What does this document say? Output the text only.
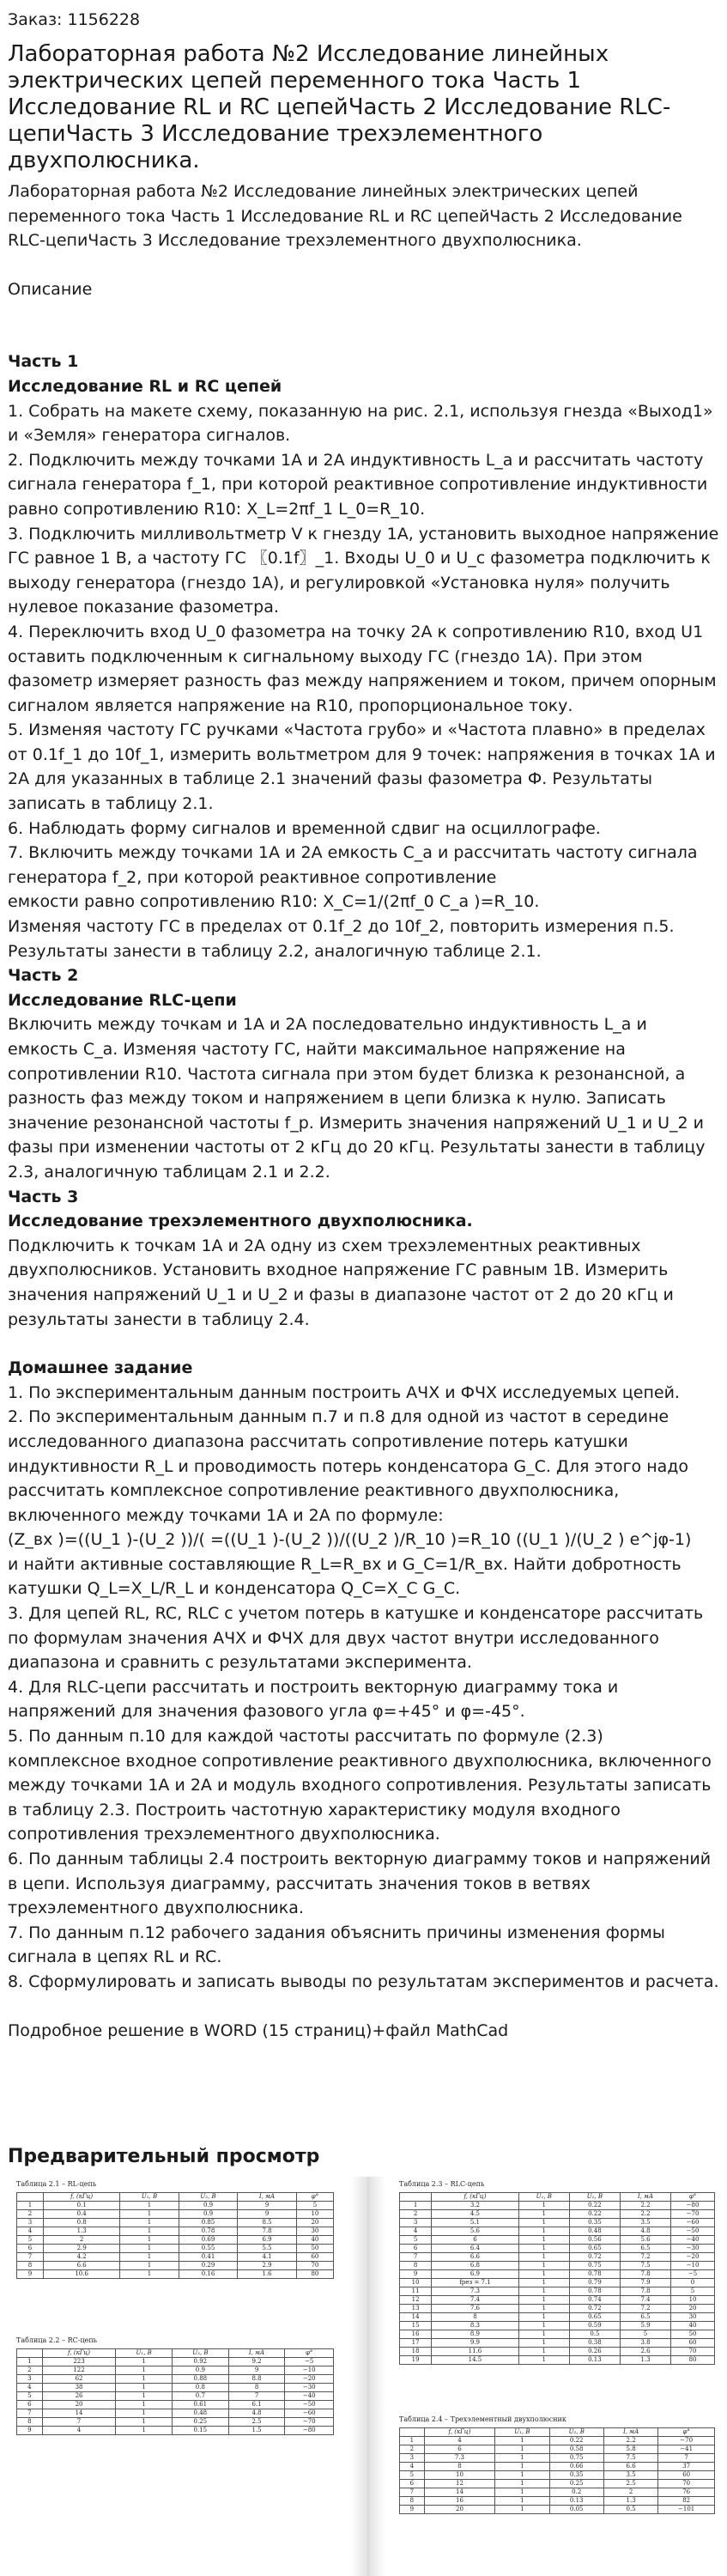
Заказ: 1156228
Лабораторная работа №2 Исследование линейных электрических цепей переменного тока Часть 1 Исследование RL и RC цепейЧасть 2 Исследование RLC-цепиЧасть 3 Исследование трехэлементного двухполюсника.

Лабораторная работа №2 Исследование линейных электрических цепей переменного тока Часть 1 Исследование RL и RC цепейЧасть 2 Исследование RLC-цепиЧасть 3 Исследование трехэлементного двухполюсника.

Описание

Часть 1

Исследование RL и RC цепей

1. Собрать на макете схему, показанную на рис. 2.1, используя гнезда «Выход1» и «Земля» генератора сигналов.
2. Подключить между точками 1А и 2А индуктивность L_а и рассчитать частоту сигнала генератора f_1, при которой реактивное сопротивление индуктивности равно сопротивлению R10: X_L=2πf_1 L_0=R_10.
3. Подключить милливольтметр V к гнезду 1А, установить выходное напряжение ГС равное 1 В, а частоту ГС 〖0.1f〗_1. Входы U_0 и U_c фазометра подключить к выходу генератора (гнездо 1А), и регулировкой «Установка нуля» получить нулевое показание фазометра.
4. Переключить вход U_0 фазометра на точку 2А к сопротивлению R10, вход U1 оставить подключенным к сигнальному выходу ГС (гнездо 1А). При этом фазометр измеряет разность фаз между напряжением и током, причем опорным сигналом является напряжение на R10, пропорциональное току.
5. Изменяя частоту ГС ручками «Частота грубо» и «Частота плавно» в пределах от 0.1f_1 до 10f_1, измерить вольтметром для 9 точек: напряжения в точках 1А и 2А для указанных в таблице 2.1 значений фазы фазометра Ф. Результаты записать в таблицу 2.1.
6. Наблюдать форму сигналов и временной сдвиг на осциллографе.
7. Включить между точками 1А и 2А емкость C_а и рассчитать частоту сигнала генератора f_2, при которой реактивное сопротивление
емкости равно сопротивлению R10: X_C=1/(2πf_0 C_а )=R_10.
Изменяя частоту ГС в пределах от 0.1f_2 до 10f_2, повторить измерения п.5. Результаты занести в таблицу 2.2, аналогичную таблице 2.1.

Часть 2

Исследование RLC-цепи

Включить между точкам и 1А и 2А последовательно индуктивность L_а и емкость C_а. Изменяя частоту ГС, найти максимальное напряжение на сопротивлении R10. Частота сигнала при этом будет близка к резонансной, а разность фаз между током и напряжением в цепи близка к нулю. Записать значение резонансной частоты f_р. Измерить значения напряжений U_1 и U_2 и фазы при изменении частоты от 2 кГц до 20 кГц. Результаты занести в таблицу 2.3, аналогичную таблицам 2.1 и 2.2.

Часть 3

Исследование трехэлементного двухполюсника.

Подключить к точкам 1А и 2А одну из схем трехэлементных реактивных двухполюсников. Установить входное напряжение ГС равным 1В. Измерить значения напряжений U_1 и U_2 и фазы в диапазоне частот от 2 до 20 кГц и результаты занести в таблицу 2.4.

Домашнее задание

1. По экспериментальным данным построить АЧХ и ФЧХ исследуемых цепей.
2. По экспериментальным данным п.7 и п.8 для одной из частот в середине исследованного диапазона рассчитать сопротивление потерь катушки индуктивности R_L и проводимость потерь конденсатора G_C. Для этого надо рассчитать комплексное сопротивление реактивного двухполюсника, включенного между точками 1А и 2А по формуле:
(Z_вх )̇=((U_1 )̇-(U_2 )̇)/( =((U_1 )̇-(U_2 )̇)/((U_2 )̇/R_10 )=R_10 ((U_1 )̇/(U_2 )̇ e^jφ-1)
и найти активные составляющие R_L=R_вх и G_C=1/R_вх. Найти добротность катушки Q_L=X_L/R_L и конденсатора Q_C=X_C G_C.
3. Для цепей RL, RC, RLC с учетом потерь в катушке и конденсаторе рассчитать по формулам значения АЧХ и ФЧХ для двух частот внутри исследованного диапазона и сравнить с результатами эксперимента.
4. Для RLC-цепи рассчитать и построить векторную диаграмму тока и напряжений для значения фазового угла φ=+45° и φ=-45°.
5. По данным п.10 для каждой частоты рассчитать по формуле (2.3) комплексное входное сопротивление реактивного двухполюсника, включенного между точками 1А и 2А и модуль входного сопротивления. Результаты записать в таблицу 2.3. Построить частотную характеристику модуля входного сопротивления трехэлементного двухполюсника.
6. По данным таблицы 2.4 построить векторную диаграмму токов и напряжений в цепи. Используя диаграмму, рассчитать значения токов в ветвях трехэлементного двухполюсника.
7. По данным п.12 рабочего задания объяснить причины изменения формы сигнала в цепях RL и RC.
8. Сформулировать и записать выводы по результатам экспериментов и расчета.

Подробное решение в WORD (15 страниц)+файл MathCad

Предварительный просмотр
Таблица 2.1 – RL-цепь
	f, (кГц)	U₁, В	U₂, В	I, мА	φ°
1	0.1	1	0.9	9	5
2	0.4	1	0.9	9	10
3	0.8	1	0.85	8.5	20
4	1.3	1	0.78	7.8	30
5	2	1	0.69	6.9	40
6	2.9	1	0.55	5.5	50
7	4.2	1	0.41	4.1	60
8	6.6	1	0.29	2.9	70
9	10.6	1	0.16	1.6	80
Таблица 2.2 – RC-цепь
	f, (кГц)	U₁, В	U₂, В	I, мА	φ°
1	223	1	0.92	9.2	−5
2	122	1	0.9	9	−10
3	62	1	0.88	8.8	−20
4	38	1	0.8	8	−30
5	26	1	0.7	7	−40
6	20	1	0.61	6.1	−50
7	14	1	0.48	4.8	−60
8	7	1	0.25	2.5	−70
9	4	1	0.15	1.5	−80
Таблица 2.3 – RLC-цепь
	f, (кГц)	U₁, В	U₂, В	I, мА	φ°
1	3.2	1	0.22	2.2	−80
2	4.5	1	0.22	2.2	−70
3	5.1	1	0.35	3.5	−60
4	5.6	1	0.48	4.8	−50
5	6	1	0.56	5.6	−40
6	6.4	1	0.65	6.5	−30
7	6.6	1	0.72	7.2	−20
8	6.8	1	0.75	7.5	−10
9	6.9	1	0.78	7.8	−5
10	fрез = 7.1	1	0.79	7.9	0
11	7.3	1	0.78	7.8	5
12	7.4	1	0.74	7.4	10
13	7.6	1	0.72	7.2	20
14	8	1	0.65	6.5	30
15	8.3	1	0.59	5.9	40
16	8.9	1	0.5	5	50
17	9.9	1	0.38	3.8	60
18	11.6	1	0.26	2.6	70
19	14.5	1	0.13	1.3	80
Таблица 2.4 – Трехэлементный двухполюсник
	f, (кГц)	U₁, В	U₂, В	I, мА	φ°
1	4	1	0.22	2.2	−70
2	6	1	0.58	5.8	−41
3	7.3	1	0.75	7.5	7
4	8	1	0.66	6.6	37
5	10	1	0.35	3.5	60
6	12	1	0.25	2.5	70
7	14	1	0.2	2	76
8	16	1	0.13	1.3	82
9	20	1	0.05	0.5	−101
